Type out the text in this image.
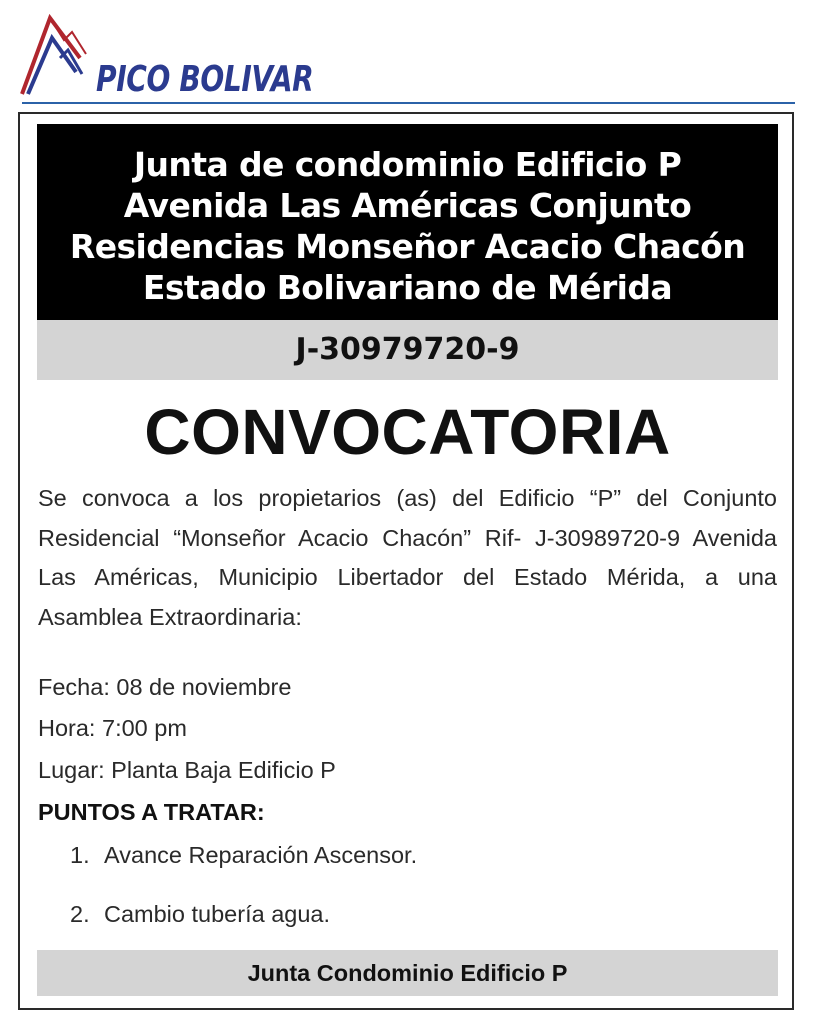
PICO BOLIVAR
Junta de condominio Edificio P
Avenida Las Américas Conjunto
Residencias Monseñor Acacio Chacón
Estado Bolivariano de Mérida
J-30979720-9
CONVOCATORIA
Se convoca a los propietarios (as) del Edificio “P” del Conjunto Residencial “Monseñor Acacio Chacón” Rif- J-30989720-9 Avenida Las Américas, Municipio Libertador del Estado Mérida, a una Asamblea Extraordinaria:
Fecha: 08 de noviembre
Hora: 7:00 pm
Lugar: Planta Baja Edificio P
PUNTOS A TRATAR:
1. Avance Reparación Ascensor.
2. Cambio tubería agua.
Junta Condominio Edificio P
